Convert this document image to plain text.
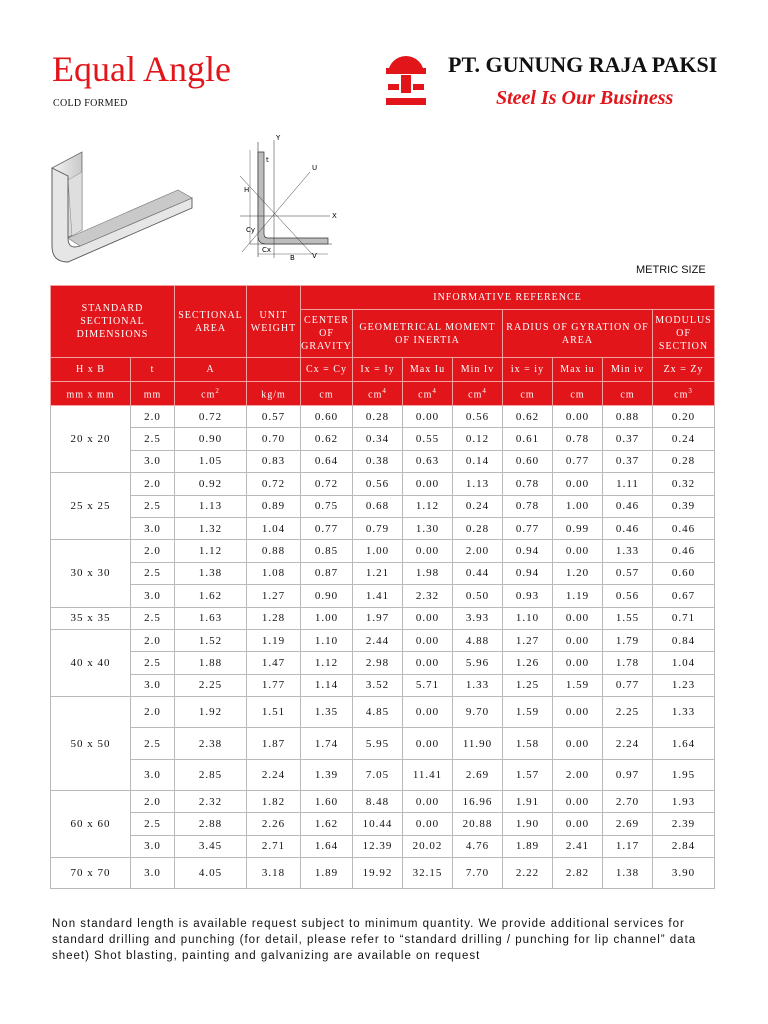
Equal Angle
COLD FORMED
PT. GUNUNG RAJA PAKSI
Steel Is Our Business
H
B
X
Y
U
V
Cx
Cy
t
METRIC SIZE
STANDARD SECTIONAL DIMENSIONS		SECTIONAL AREA	UNIT WEIGHT	INFORMATIVE REFERENCE							
				CENTER OF GRAVITY	GEOMETRICAL MOMENT OF INERTIA			RADIUS OF GYRATION OF AREA			MODULUS OF SECTION
H x B	t	A		Cx = Cy	Ix = Iy	Max Iu	Min Iv	ix = iy	Max iu	Min iv	Zx = Zy
mm x mm	mm	$cm^2$	kg/m	cm	$cm^4$	$cm^4$	$cm^4$	cm	cm	cm	$cm^3$
20 x 20	2.0	0.72	0.57	0.60	0.28	0.00	0.56	0.62	0.00	0.88	0.20
	2.5	0.90	0.70	0.62	0.34	0.55	0.12	0.61	0.78	0.37	0.24
	3.0	1.05	0.83	0.64	0.38	0.63	0.14	0.60	0.77	0.37	0.28
25 x 25	2.0	0.92	0.72	0.72	0.56	0.00	1.13	0.78	0.00	1.11	0.32
	2.5	1.13	0.89	0.75	0.68	1.12	0.24	0.78	1.00	0.46	0.39
	3.0	1.32	1.04	0.77	0.79	1.30	0.28	0.77	0.99	0.46	0.46
30 x 30	2.0	1.12	0.88	0.85	1.00	0.00	2.00	0.94	0.00	1.33	0.46
	2.5	1.38	1.08	0.87	1.21	1.98	0.44	0.94	1.20	0.57	0.60
	3.0	1.62	1.27	0.90	1.41	2.32	0.50	0.93	1.19	0.56	0.67
35 x 35	2.5	1.63	1.28	1.00	1.97	0.00	3.93	1.10	0.00	1.55	0.71
40 x 40	2.0	1.52	1.19	1.10	2.44	0.00	4.88	1.27	0.00	1.79	0.84
	2.5	1.88	1.47	1.12	2.98	0.00	5.96	1.26	0.00	1.78	1.04
	3.0	2.25	1.77	1.14	3.52	5.71	1.33	1.25	1.59	0.77	1.23
50 x 50	2.0	1.92	1.51	1.35	4.85	0.00	9.70	1.59	0.00	2.25	1.33
	2.5	2.38	1.87	1.74	5.95	0.00	11.90	1.58	0.00	2.24	1.64
	3.0	2.85	2.24	1.39	7.05	11.41	2.69	1.57	2.00	0.97	1.95
60 x 60	2.0	2.32	1.82	1.60	8.48	0.00	16.96	1.91	0.00	2.70	1.93
	2.5	2.88	2.26	1.62	10.44	0.00	20.88	1.90	0.00	2.69	2.39
	3.0	3.45	2.71	1.64	12.39	20.02	4.76	1.89	2.41	1.17	2.84
70 x 70	3.0	4.05	3.18	1.89	19.92	32.15	7.70	2.22	2.82	1.38	3.90
Non standard length is available request subject to minimum quantity. We provide additional services for standard drilling and punching (for detail, please refer to “standard drilling / punching for lip channel” data sheet) Shot blasting, painting and galvanizing are available on request
